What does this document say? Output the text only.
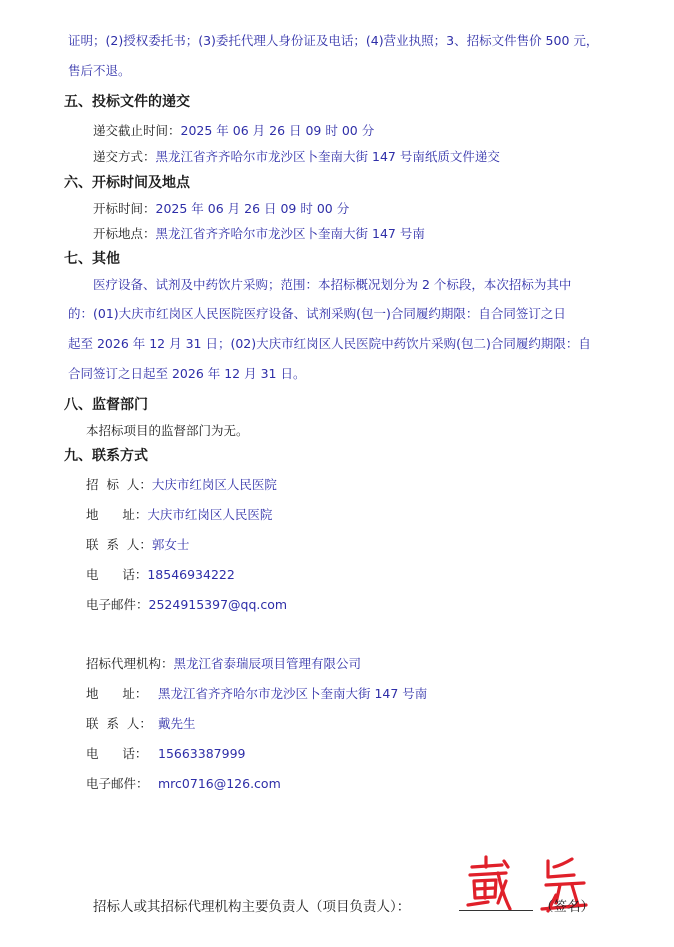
证明；(2)授权委托书；(3)委托代理人身份证及电话；(4)营业执照；3、招标文件售价 500 元，
售后不退。
五、投标文件的递交
递交截止时间：2025 年 06 月 26 日 09 时 00 分
递交方式：黑龙江省齐齐哈尔市龙沙区卜奎南大街 147 号南纸质文件递交
六、开标时间及地点
开标时间：2025 年 06 月 26 日 09 时 00 分
开标地点：黑龙江省齐齐哈尔市龙沙区卜奎南大街 147 号南
七、其他
医疗设备、试剂及中药饮片采购；范围：本招标概况划分为 2 个标段，本次招标为其中
的：(01)大庆市红岗区人民医院医疗设备、试剂采购(包一)合同履约期限：自合同签订之日
起至 2026 年 12 月 31 日；(02)大庆市红岗区人民医院中药饮片采购(包二)合同履约期限：自
合同签订之日起至 2026 年 12 月 31 日。
八、监督部门
本招标项目的监督部门为无。
九、联系方式
招  标  人：大庆市红岗区人民医院
地      址：大庆市红岗区人民医院
联  系  人：郭女士
电      话：18546934222
电子邮件：2524915397@qq.com
招标代理机构：黑龙江省泰瑞辰项目管理有限公司
地      址： 黑龙江省齐齐哈尔市龙沙区卜奎南大街 147 号南
联  系  人： 戴先生
电      话： 15663387999
电子邮件： mrc0716@126.com
招标人或其招标代理机构主要负责人（项目负责人）：	（签名）
